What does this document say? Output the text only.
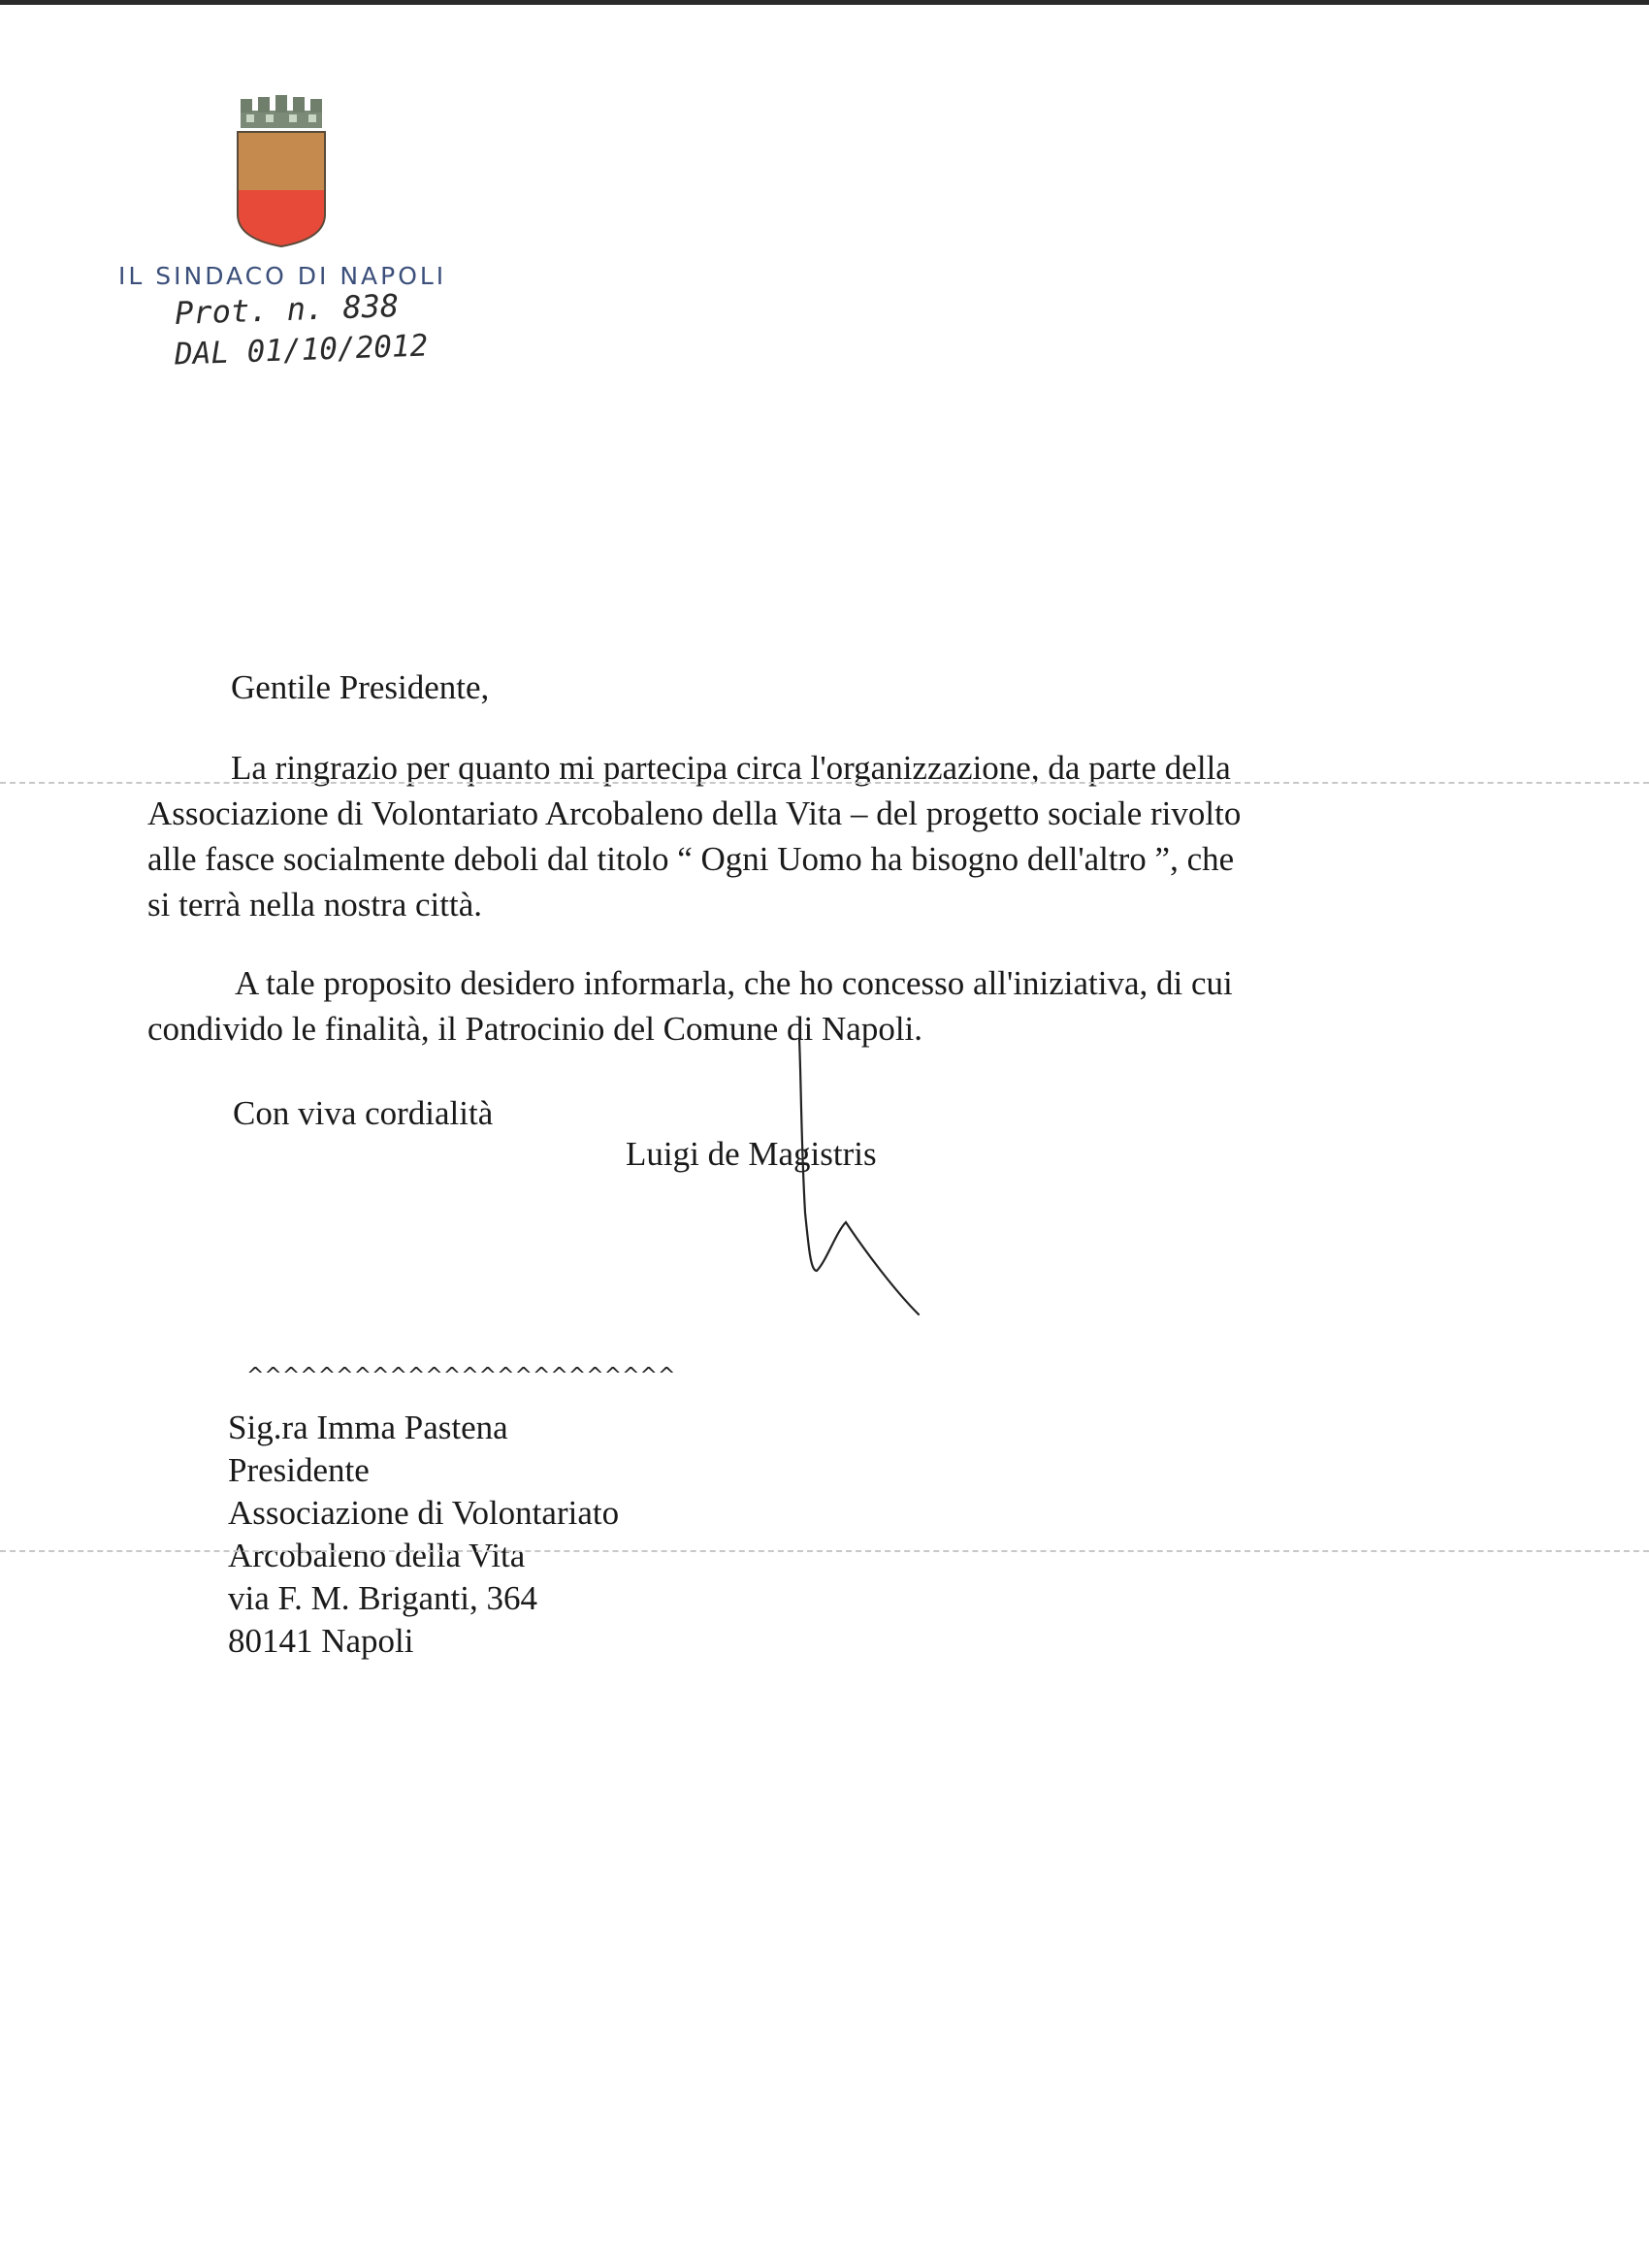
IL SINDACO DI NAPOLI
Prot. n. 838
DAL 01/10/2012
Gentile Presidente,
La ringrazio per quanto mi partecipa circa l'organizzazione, da parte della
Associazione di Volontariato Arcobaleno della Vita – del progetto sociale rivolto
alle fasce socialmente deboli dal titolo “ Ogni Uomo ha bisogno dell'altro ”, che
si terrà nella nostra città.
A tale proposito desidero informarla, che ho concesso all'iniziativa, di cui
condivido le finalità, il Patrocinio del Comune di Napoli.
Con viva cordialità
Luigi de Magistris
^^^^^^^^^^^^^^^^^^^^^^^^
Sig.ra Imma Pastena
Presidente
Associazione di Volontariato
Arcobaleno della Vita
via F. M. Briganti, 364
80141 Napoli
